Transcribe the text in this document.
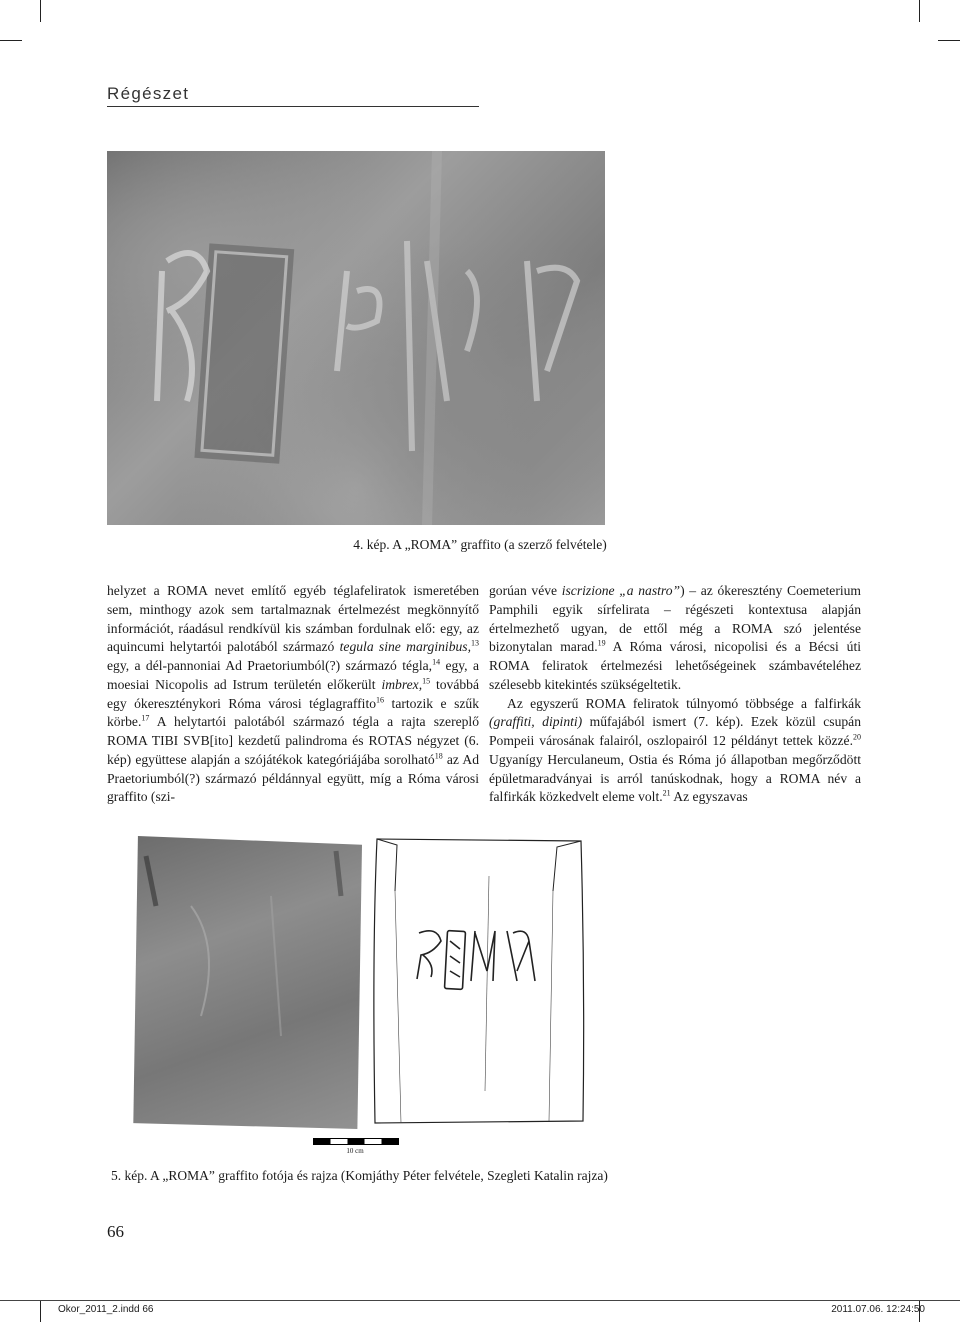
Régészet
4. kép. A „ROMA” graffito (a szerző felvétele)

helyzet a ROMA nevet említő egyéb téglafeliratok ismeretében sem, minthogy azok sem tartalmaznak értelmezést megkönnyítő információt, ráadásul rendkívül kis számban fordulnak elő: egy, az aquincumi helytartói palotából származó tegula sine marginibus,$^{13}$ egy, a dél-pannoniai Ad Praetoriumból(?) származó tégla,$^{14}$ egy, a moesiai Nicopolis ad Istrum területén előkerült imbrex,$^{15}$ továbbá egy ókereszténykori Róma városi téglagraffito$^{16}$ tartozik e szűk körbe.$^{17}$ A helytartói palotából származó tégla a rajta szereplő ROMA TIBI SVB[ito] kezdetű palindroma és ROTAS négyzet (6. kép) együttese alapján a szójátékok kategóriájába sorolható$^{18}$ az Ad Praetoriumból(?) származó példánnyal együtt, míg a Róma városi graffito (szi-

gorúan véve iscrizione „a nastro”) – az ókeresztény Coemeterium Pamphili egyik sírfelirata – régészeti kontextusa alapján értelmezhető ugyan, de ettől még a ROMA szó jelentése bizonytalan marad.$^{19}$ A Róma városi, nicopolisi és a Bécsi úti ROMA feliratok értelmezési lehetőségeinek számbavételéhez szélesebb kitekintés szükségeltetik.

Az egyszerű ROMA feliratok túlnyomó többsége a falfirkák (graffiti, dipinti) műfajából ismert (7. kép). Ezek közül csupán Pompeii városának falairól, oszlopairól 12 példányt tettek közzé.$^{20}$ Ugyanígy Herculaneum, Ostia és Róma jó állapotban megőrződött épületmaradványai is arról tanúskodnak, hogy a ROMA név a falfirkák közkedvelt eleme volt.$^{21}$ Az egyszavas

10 cm
5. kép. A „ROMA” graffito fotója és rajza (Komjáthy Péter felvétele, Szegleti Katalin rajza)
66
Okor_2011_2.indd 66	2011.07.06. 12:24:50
